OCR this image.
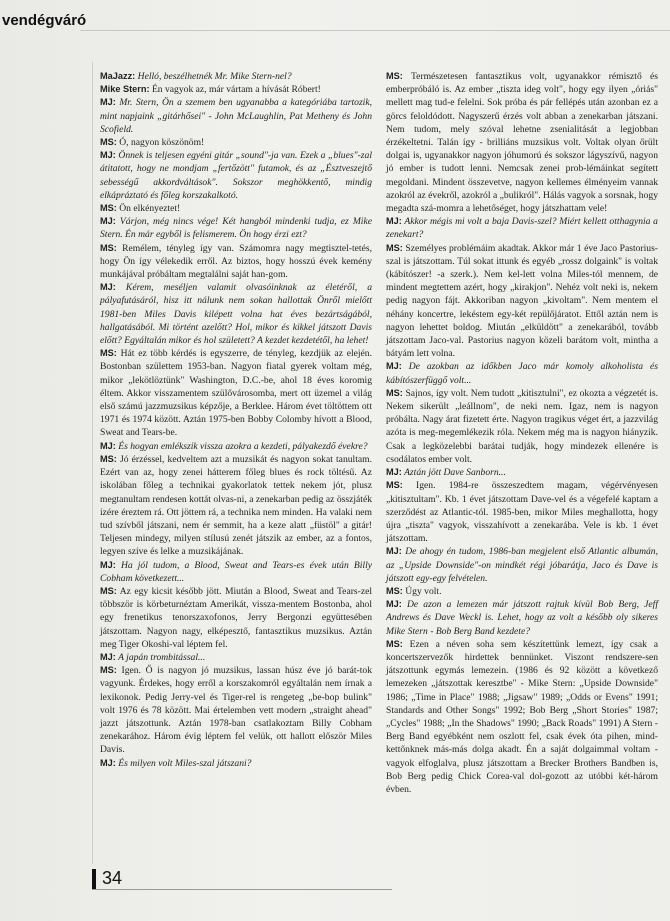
vendégváró

MaJazz: Helló, beszélhetnék Mr. Mike Stern-nel?

Mike Stern: Én vagyok az, már vártam a hívását Róbert!

MJ: Mr. Stern, Ön a szemem ben ugyanabba a kategóriába tartozik, mint napjaink „gitárhősei" - John McLaughlin, Pat Metheny és John Scofield.

MS: Ó, nagyon köszönöm!

MJ: Önnek is teljesen egyéni gitár „sound"-ja van. Ezek a „blues"-zal átitatott, hogy ne mondjam „fertőzött" futamok, és az „Észtveszejtő sebességű akkordváltások". Sokszor meghökkentő, mindig elkápráztató és főleg korszakalkotó.

MS: Ön elkényeztet!

MJ: Várjon, még nincs vége! Két hangból mindenki tudja, ez Mike Stern. Én már egyből is felismerem. Ön hogy érzi ezt?

MS: Remélem, tényleg így van. Számomra nagy megtisztel-tetés, hogy Ön így vélekedik erről. Az biztos, hogy hosszú évek kemény munkájával próbáltam megtalálni saját han-gom.

MJ: Kérem, meséljen valamit olvasóinknak az életéről, a pályafutásáról, hisz itt nálunk nem sokan hallottak Önről mielőtt 1981-ben Miles Davis kilépett volna hat éves bezártságából, hallgatásából. Mi történt azelőtt? Hol, mikor és kikkel játszott Davis előtt? Egyáltalán mikor és hol született? A kezdet kezdetétől, ha lehet!

MS: Hát ez több kérdés is egyszerre, de tényleg, kezdjük az elején. Bostonban születtem 1953-ban. Nagyon fiatal gyerek voltam még, mikor „lekötlöztünk" Washington, D.C.-be, ahol 18 éves koromig éltem. Akkor visszamentem szülővárosomba, mert ott üzemel a világ első számú jazzmuzsikus képzője, a Berklee. Három évet töltöttem ott 1971 és 1974 között. Aztán 1975-ben Bobby Colomby hívott a Blood, Sweat and Tears-be.

MJ: És hogyan emlékszik vissza azokra a kezdeti, pályakezdő évekre?

MS: Jó érzéssel, kedveltem azt a muzsikát és nagyon sokat tanultam. Ezért van az, hogy zenei hátterem főleg blues és rock töltésű. Az iskolában főleg a technikai gyakorlatok tettek nekem jót, plusz megtanultam rendesen kottát olvas-ni, a zenekarban pedig az összjáték ízére éreztem rá. Ott jöttem rá, a technika nem minden. Ha valaki nem tud szívből játszani, nem ér semmit, ha a keze alatt „füstöl" a gitár! Teljesen mindegy, milyen stílusú zenét játszik az ember, az a fontos, legyen szíve és lelke a muzsikájának.

MJ: Ha jól tudom, a Blood, Sweat and Tears-es évek után Billy Cobham következett...

MS: Az egy kicsit később jött. Miután a Blood, Sweat and Tears-zel többször is körbeturnéztam Amerikát, vissza-mentem Bostonba, ahol egy frenetikus tenorszaxofonos, Jerry Bergonzi együttesében játszottam. Nagyon nagy, elképesztő, fantasztikus muzsikus. Aztán meg Tiger Okoshi-val léptem fel.

MJ: A japán trombitással...

MS: Igen. Ő is nagyon jó muzsikus, lassan húsz éve jó barát-tok vagyunk. Érdekes, hogy erről a korszakomról egyáltalán nem írnak a lexikonok. Pedig Jerry-vel és Tiger-rel is rengeteg „be-bop bulink" volt 1976 és 78 között. Mai értelemben vett modern „straight ahead" jazzt játszottunk. Aztán 1978-ban csatlakoztam Billy Cobham zenekarához. Három évig léptem fel velük, ott hallott először Miles Davis.

MJ: És milyen volt Miles-szal játszani?

MS: Természetesen fantasztikus volt, ugyanakkor rémisztő és emberpróbáló is. Az ember „tiszta ideg volt", hogy egy ilyen „óriás" mellett mag tud-e felelni. Sok próba és pár fellépés után azonban ez a görcs feloldódott. Nagyszerű érzés volt abban a zenekarban játszani. Nem tudom, mely szóval lehetne zsenialitását a legjobban érzékeltetni. Talán így - brilliáns muzsikus volt. Voltak olyan őrült dolgai is, ugyanakkor nagyon jóhumorú és sokszor lágyszívű, nagyon jó ember is tudott lenni. Nemcsak zenei prob-lémáinkat segített megoldani. Mindent összevetve, nagyon kellemes élményeim vannak azokról az évekről, azokról a „bulikról". Hálás vagyok a sorsnak, hogy megadta szá-momra a lehetőséget, hogy játszhattam vele!

MJ: Akkor mégis mi volt a baja Davis-szel? Miért kellett otthagynia a zenekart?

MS: Személyes problémáim akadtak. Akkor már 1 éve Jaco Pastorius-szal is játszottam. Túl sokat ittunk és egyéb „rossz dolgaink" is voltak (kábítószer! -a szerk.). Nem kel-lett volna Miles-tól mennem, de mindent megtettem azért, hogy „kirakjon". Nehéz volt neki is, nekem pedig nagyon fájt. Akkoriban nagyon „kivoltam". Nem mentem el néhány koncertre, lekéstem egy-két repülőjáratot. Ettől aztán nem is nagyon lehettet boldog. Miután „elküldött" a zenekarából, tovább játszottam Jaco-val. Pastorius nagyon közeli barátom volt, mintha a bátyám lett volna.

MJ: De azokban az időkben Jaco már komoly alkoholista és kábítószerfüggő volt...

MS: Sajnos, így volt. Nem tudott „kitisztulni", ez okozta a végzetét is. Nekem sikerült „leállnom", de neki nem. Igaz, nem is nagyon próbálta. Nagy árat fizetett érte. Nagyon tragikus véget ért, a jazzvilág azóta is meg-megemlékezik róla. Nekem még ma is nagyon hiányzik. Csak a legközelebbi barátai tudják, hogy mindezek ellenére is csodálatos ember volt.

MJ: Aztán jött Dave Sanborn...

MS: Igen. 1984-re összeszedtem magam, végérvényesen „kitisztultam". Kb. 1 évet játszottam Dave-vel és a végefelé kaptam a szerződést az Atlantic-tól. 1985-ben, mikor Miles meghallotta, hogy újra „tiszta" vagyok, visszahívott a zenekarába. Vele is kb. 1 évet játszottam.

MJ: De ahogy én tudom, 1986-ban megjelent első Atlantic albumán, az „Upside Downside"-on mindkét régi jóbarátja, Jaco és Dave is játszott egy-egy felvételen.

MS: Úgy volt.

MJ: De azon a lemezen már játszott rajtuk kívül Bob Berg, Jeff Andrews és Dave Weckl is. Lehet, hogy az volt a később oly sikeres Mike Stern - Bob Berg Band kezdete?

MS: Ezen a néven soha sem készítettünk lemezt, így csak a koncertszervezők hirdettek bennünket. Viszont rendszere-sen játszottunk egymás lemezein. (1986 és 92 között a következő lemezeken „játszottak keresztbe" - Mike Stern: „Upside Downside" 1986; „Time in Place" 1988; „Jigsaw" 1989; „Odds or Evens" 1991; Standards and Other Songs" 1992; Bob Berg „Short Stories" 1987; „Cycles" 1988; „In the Shadows" 1990; „Back Roads" 1991) A Stern - Berg Band egyébként nem oszlott fel, csak évek óta pihen, mind-kettőnknek más-más dolga akadt. Én a saját dolgaimmal voltam - vagyok elfoglalva, plusz játszottam a Brecker Brothers Bandben is, Bob Berg pedig Chick Corea-val dol-gozott az utóbbi két-három évben.

34
